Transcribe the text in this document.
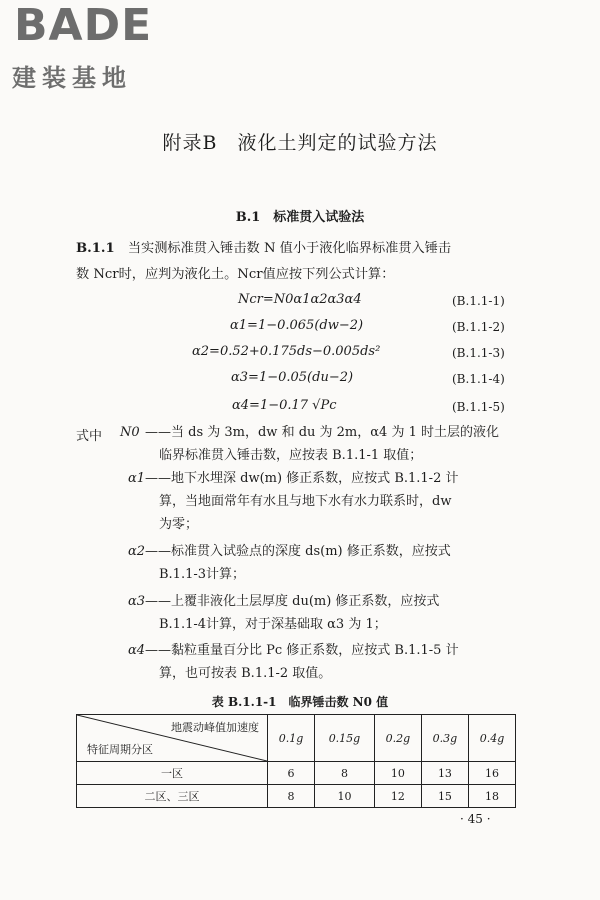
BADE
建装基地
附录B　液化土判定的试验方法
B.1　标准贯入试验法
B.1.1　 当实测标准贯入锤击数 N 值小于液化临界标准贯入锤击
数 Ncr时，应判为液化土。Ncr值应按下列公式计算：
Ncr=N0α1α2α3α4	(B.1.1-1)
α1=1−0.065(dw−2)	(B.1.1-2)
α2=0.52+0.175ds−0.005ds²	(B.1.1-3)
α3=1−0.05(du−2)	(B.1.1-4)
α4=1−0.17 √Pc	(B.1.1-5)
式中 N0 ——当 ds 为 3m，dw 和 du 为 2m，α4 为 1 时土层的液化
临界标准贯入锤击数，应按表 B.1.1-1 取值；
α1 ——地下水埋深 dw(m) 修正系数，应按式 B.1.1-2 计
算，当地面常年有水且与地下水有水力联系时，dw
为零；
α2 ——标准贯入试验点的深度 ds(m) 修正系数，应按式
B.1.1-3计算；
α3 ——上覆非液化土层厚度 du(m) 修正系数，应按式
B.1.1-4计算，对于深基础取 α3 为 1；
α4 ——黏粒重量百分比 Pc 修正系数，应按式 B.1.1-5 计
算，也可按表 B.1.1-2 取值。
表 B.1.1-1　临界锤击数 N0 值
地震动峰值加速度
特征周期分区	0.1g	0.15g	0.2g	0.3g	0.4g
一区	6	8	10	13	16
二区、三区	8	10	12	15	18
· 45 ·
